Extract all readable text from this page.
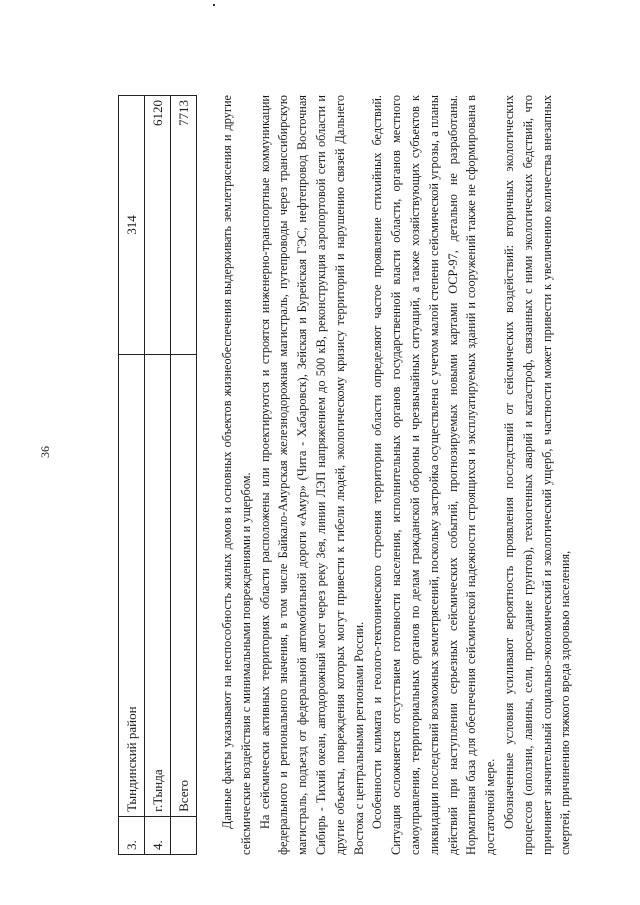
36
3.	Тындинский район	314
4.	г.Тында	6120
	Всего	7713 Данные факты указывают на неспособность жилых домов и основных объектов жизнеобеспечения выдерживать землетрясения и другие сейсмические воздействия с минимальными повреждениями и ущербом. На сейсмически активных территориях области расположены или проектируются и строятся инженерно-транспортные коммуникации федерального и регионального значения, в том числе Байкало-Амурская железнодорожная магистраль, путепроводы через транссибирскую магистраль, подъезд от федеральной автомобильной дороги «Амур» (Чита - Хабаровск), Зейская и Бурейская ГЭС, нефтепровод Восточная Сибирь - Тихий океан, автодорожный мост через реку Зея, линии ЛЭП напряжением до 500 кВ, реконструкция аэропортовой сети области и другие объекты, повреждения которых могут привести к гибели людей, экологическому кризису территорий и нарушению связей Дальнего Востока с центральными регионами России. Особенности климата и геолого-тектонического строения территории области определяют частое проявление стихийных бедствий. Ситуация осложняется отсутствием готовности населения, исполнительных органов государственной власти области, органов местного самоуправления, территориальных органов по делам гражданской обороны и чрезвычайных ситуаций, а также хозяйствующих субъектов к ликвидации последствий возможных землетрясений, поскольку застройка осуществлена с учетом малой степени сейсмической угрозы, а планы действий при наступлении серьезных сейсмических событий, прогнозируемых новыми картами ОСР-97, детально не разработаны. Нормативная база для обеспечения сейсмической надежности строящихся и эксплуатируемых зданий и сооружений также не сформирована в достаточной мере. Обозначенные условия усиливают вероятность проявления последствий от сейсмических воздействий: вторичных экологических процессов (оползни, лавины, сели, проседание грунтов), техногенных аварий и катастроф, связанных с ними экологических бедствий, что причиняет значительный социально-экономический и экологический ущерб, в частности может привести к увеличению количества внезапных смертей, причинению тяжкого вреда здоровью населения,
